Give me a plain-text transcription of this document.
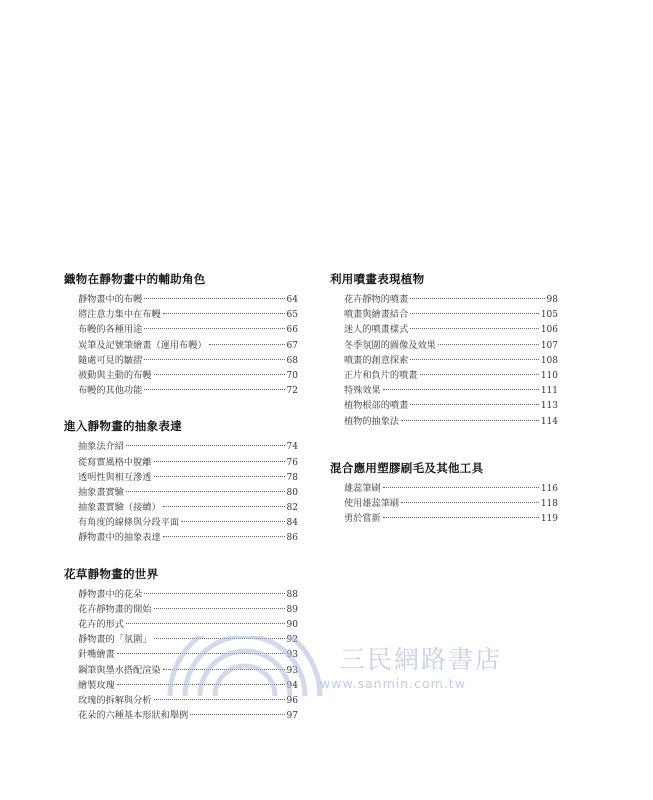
織物在靜物畫中的輔助角色
靜物畫中的布幔	64
將注意力集中在布幔	65
布幔的各種用途	66
炭筆及記號筆繪畫（運用布幔）	67
隨處可見的皺摺	68
被動與主動的布幔	70
布幔的其他功能	72
進入靜物畫的抽象表達
抽象法介紹	74
從寫實風格中脫離	76
透明性與相互滲透	78
抽象畫實驗	80
抽象畫實驗（接續）	82
有角度的線條與分段平面	84
靜物畫中的抽象表達	86
花草靜物畫的世界
靜物畫中的花朵	88
花卉靜物畫的開始	89
花卉的形式	90
靜物畫的「氛圍」	92
針嘴繪畫	93
鋼筆與墨水搭配渲染	93
繪製玫瑰	94
玫瑰的拆解與分析	96
花朵的六種基本形狀和舉例	97
利用噴畫表現植物
花卉靜物的噴畫	98
噴畫與繪畫結合	105
迷人的噴畫樣式	106
冬季氛圍的圖像及效果	107
噴畫的創意探索	108
正片和負片的噴畫	110
特殊效果	111
植物根部的噴畫	113
植物的抽象法	114
混合應用塑膠刷毛及其他工具
雄蕊筆刷	116
使用雄蕊筆刷	118
勇於嘗新	119
三民網路書店
www.sanmin.com.tw
